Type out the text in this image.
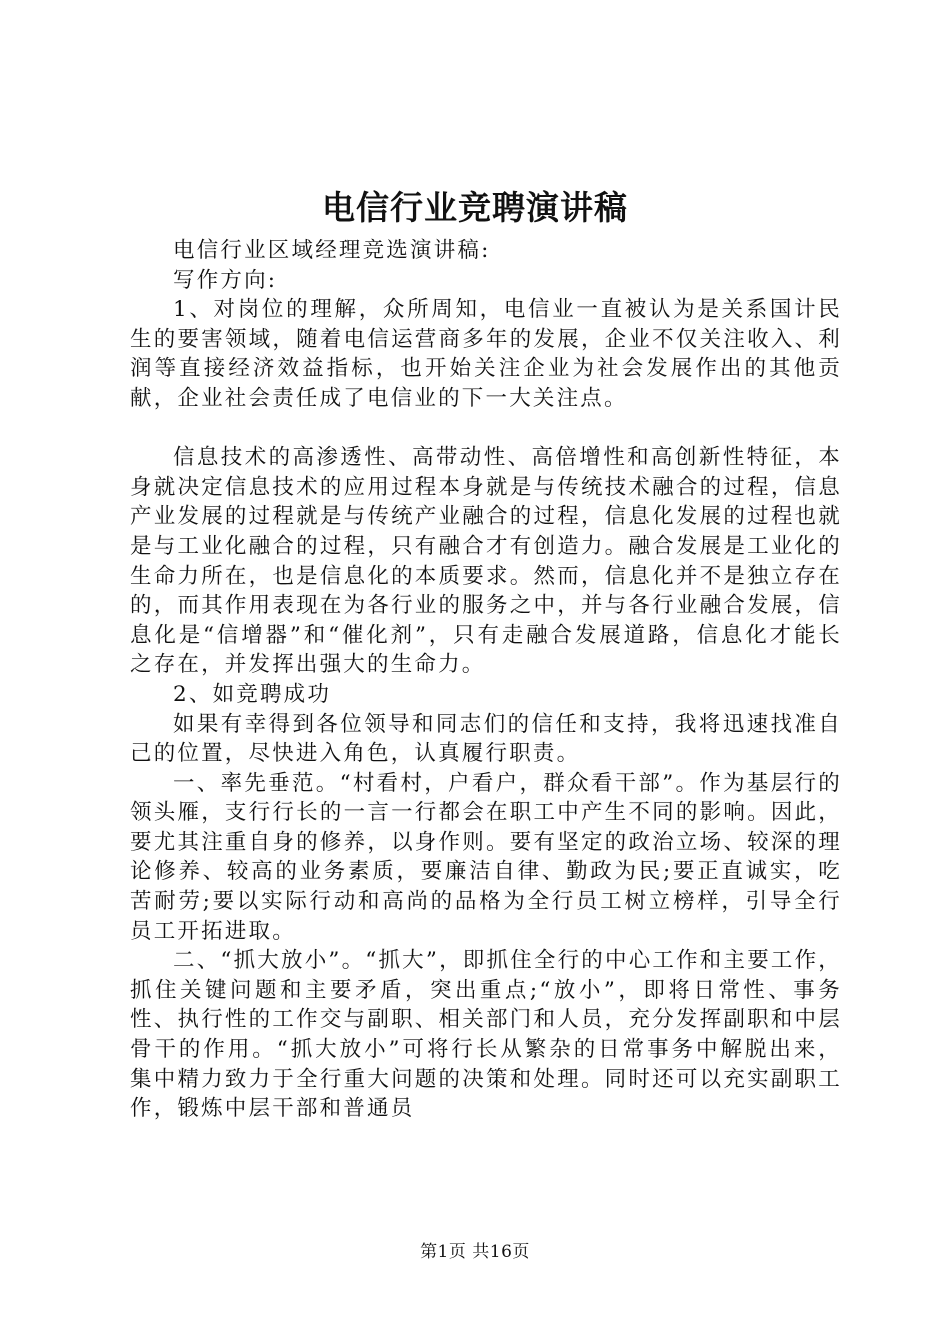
电信行业竞聘演讲稿

电信行业区域经理竞选演讲稿:

写作方向:

1、对岗位的理解，众所周知，电信业一直被认为是关系国计民生的要害领域，随着电信运营商多年的发展，企业不仅关注收入、利润等直接经济效益指标，也开始关注企业为社会发展作出的其他贡献，企业社会责任成了电信业的下一大关注点。

信息技术的高渗透性、高带动性、高倍增性和高创新性特征，本身就决定信息技术的应用过程本身就是与传统技术融合的过程，信息产业发展的过程就是与传统产业融合的过程，信息化发展的过程也就是与工业化融合的过程，只有融合才有创造力。融合发展是工业化的生命力所在，也是信息化的本质要求。然而，信息化并不是独立存在的，而其作用表现在为各行业的服务之中，并与各行业融合发展，信息化是“信增器”和“催化剂”，只有走融合发展道路，信息化才能长之存在，并发挥出强大的生命力。

2、如竞聘成功

如果有幸得到各位领导和同志们的信任和支持，我将迅速找准自己的位置，尽快进入角色，认真履行职责。

一、率先垂范。“村看村，户看户，群众看干部”。作为基层行的领头雁，支行行长的一言一行都会在职工中产生不同的影响。因此，要尤其注重自身的修养，以身作则。要有坚定的政治立场、较深的理论修养、较高的业务素质，要廉洁自律、勤政为民;要正直诚实，吃苦耐劳;要以实际行动和高尚的品格为全行员工树立榜样，引导全行员工开拓进取。

二、“抓大放小”。“抓大”，即抓住全行的中心工作和主要工作，抓住关键问题和主要矛盾，突出重点;“放小”，即将日常性、事务性、执行性的工作交与副职、相关部门和人员，充分发挥副职和中层骨干的作用。“抓大放小”可将行长从繁杂的日常事务中解脱出来，集中精力致力于全行重大问题的决策和处理。同时还可以充实副职工作，锻炼中层干部和普通员

第1页 共16页
